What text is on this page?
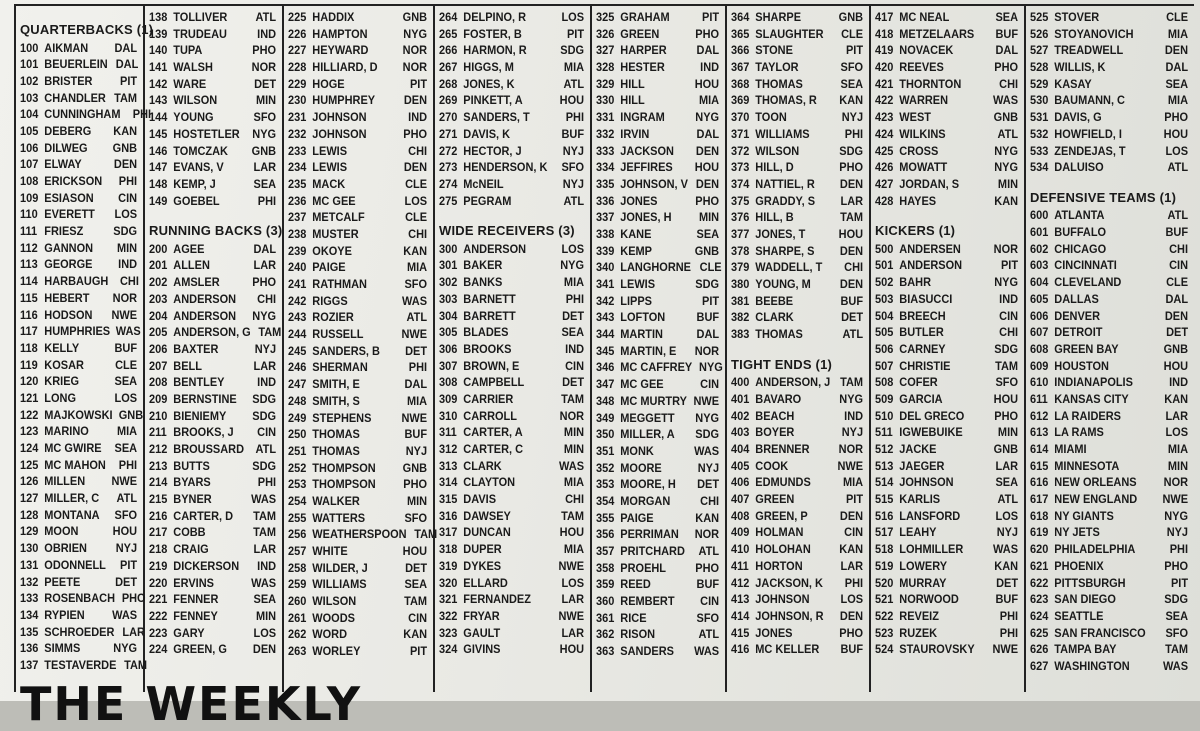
QUARTERBACKS (1)
100 AIKMAN	DAL
101 BEUERLEIN DAL
102 BRISTER	PIT
103 CHANDLER TAM
104 CUNNINGHAM	PHI
105 DEBERG	KAN
106 DILWEG	GNB
107 ELWAY	DEN
108 ERICKSON	PHI
109 ESIASON	CIN
110 EVERETT	LOS
111 FRIESZ	SDG
112 GANNON	MIN
113 GEORGE	IND
114 HARBAUGH CHI
115 HEBERT	NOR
116 HODSON	NWE
117 HUMPHRIES WAS
118 KELLY	BUF
119 KOSAR	CLE
120 KRIEG	SEA
121 LONG	LOS
122 MAJKOWSKI GNB
123 MARINO	MIA
124 MC GWIRE	SEA
125 MC MAHON	PHI
126 MILLEN	NWE
127 MILLER, C	ATL
128 MONTANA	SFO
129 MOON	HOU
130 OBRIEN	NYJ
131 ODONNELL	PIT
132 PEETE	DET
133 ROSENBACH PHO
134 RYPIEN	WAS
135 SCHROEDER LAR
136 SIMMS	NYG
137 TESTAVERDE TAM
138 TOLLIVER	ATL
139 TRUDEAU	IND
140 TUPA	PHO
141 WALSH	NOR
142 WARE	DET
143 WILSON	MIN
144 YOUNG	SFO
145 HOSTETLER	NYG
146 TOMCZAK	GNB
147 EVANS, V	LAR
148 KEMP, J	SEA
149 GOEBEL	PHI
RUNNING BACKS (3)
200 AGEE	DAL
201 ALLEN	LAR
202 AMSLER	PHO
203 ANDERSON	CHI
204 ANDERSON	NYG
205 ANDERSON, G TAM
206 BAXTER	NYJ
207 BELL	LAR
208 BENTLEY	IND
209 BERNSTINE	SDG
210 BIENIEMY	SDG
211 BROOKS, J	CIN
212 BROUSSARD ATL
213 BUTTS	SDG
214 BYARS	PHI
215 BYNER	WAS
216 CARTER, D	TAM
217 COBB	TAM
218 CRAIG	LAR
219 DICKERSON	IND
220 ERVINS	WAS
221 FENNER	SEA
222 FENNEY	MIN
223 GARY	LOS
224 GREEN, G	DEN
225 HADDIX	GNB
226 HAMPTON	NYG
227 HEYWARD	NOR
228 HILLIARD, D	NOR
229 HOGE	PIT
230 HUMPHREY	DEN
231 JOHNSON	IND
232 JOHNSON	PHO
233 LEWIS	CHI
234 LEWIS	DEN
235 MACK	CLE
236 MC GEE	LOS
237 METCALF	CLE
238 MUSTER	CHI
239 OKOYE	KAN
240 PAIGE	MIA
241 RATHMAN	SFO
242 RIGGS	WAS
243 ROZIER	ATL
244 RUSSELL	NWE
245 SANDERS, B	DET
246 SHERMAN	PHI
247 SMITH, E	DAL
248 SMITH, S	MIA
249 STEPHENS	NWE
250 THOMAS	BUF
251 THOMAS	NYJ
252 THOMPSON	GNB
253 THOMPSON	PHO
254 WALKER	MIN
255 WATTERS	SFO
256 WEATHERSPOON TAM
257 WHITE	HOU
258 WILDER, J	DET
259 WILLIAMS	SEA
260 WILSON	TAM
261 WOODS	CIN
262 WORD	KAN
263 WORLEY	PIT
264 DELPINO, R	LOS
265 FOSTER, B	PIT
266 HARMON, R	SDG
267 HIGGS, M	MIA
268 JONES, K	ATL
269 PINKETT, A	HOU
270 SANDERS, T	PHI
271 DAVIS, K	BUF
272 HECTOR, J	NYJ
273 HENDERSON, K	SFO
274 McNEIL	NYJ
275 PEGRAM	ATL
WIDE RECEIVERS (3)
300 ANDERSON	LOS
301 BAKER	NYG
302 BANKS	MIA
303 BARNETT	PHI
304 BARRETT	DET
305 BLADES	SEA
306 BROOKS	IND
307 BROWN, E	CIN
308 CAMPBELL	DET
309 CARRIER	TAM
310 CARROLL	NOR
311 CARTER, A	MIN
312 CARTER, C	MIN
313 CLARK	WAS
314 CLAYTON	MIA
315 DAVIS	CHI
316 DAWSEY	TAM
317 DUNCAN	HOU
318 DUPER	MIA
319 DYKES	NWE
320 ELLARD	LOS
321 FERNANDEZ	LAR
322 FRYAR	NWE
323 GAULT	LAR
324 GIVINS	HOU
325 GRAHAM	PIT
326 GREEN	PHO
327 HARPER	DAL
328 HESTER	IND
329 HILL	HOU
330 HILL	MIA
331 INGRAM	NYG
332 IRVIN	DAL
333 JACKSON	DEN
334 JEFFIRES	HOU
335 JOHNSON, V DEN
336 JONES	PHO
337 JONES, H	MIN
338 KANE	SEA
339 KEMP	GNB
340 LANGHORNE CLE
341 LEWIS	SDG
342 LIPPS	PIT
343 LOFTON	BUF
344 MARTIN	DAL
345 MARTIN, E	NOR
346 MC CAFFREY NYG
347 MC GEE	CIN
348 MC MURTRY NWE
349 MEGGETT	NYG
350 MILLER, A	SDG
351 MONK	WAS
352 MOORE	NYJ
353 MOORE, H	DET
354 MORGAN	CHI
355 PAIGE	KAN
356 PERRIMAN	NOR
357 PRITCHARD	ATL
358 PROEHL	PHO
359 REED	BUF
360 REMBERT	CIN
361 RICE	SFO
362 RISON	ATL
363 SANDERS	WAS
364 SHARPE	GNB
365 SLAUGHTER	CLE
366 STONE	PIT
367 TAYLOR	SFO
368 THOMAS	SEA
369 THOMAS, R	KAN
370 TOON	NYJ
371 WILLIAMS	PHI
372 WILSON	SDG
373 HILL, D	PHO
374 NATTIEL, R	DEN
375 GRADDY, S	LAR
376 HILL, B	TAM
377 JONES, T	HOU
378 SHARPE, S	DEN
379 WADDELL, T	CHI
380 YOUNG, M	DEN
381 BEEBE	BUF
382 CLARK	DET
383 THOMAS	ATL
TIGHT ENDS (1)
400 ANDERSON, J TAM
401 BAVARO	NYG
402 BEACH	IND
403 BOYER	NYJ
404 BRENNER	NOR
405 COOK	NWE
406 EDMUNDS	MIA
407 GREEN	PIT
408 GREEN, P	DEN
409 HOLMAN	CIN
410 HOLOHAN	KAN
411 HORTON	LAR
412 JACKSON, K	PHI
413 JOHNSON	LOS
414 JOHNSON, R	DEN
415 JONES	PHO
416 MC KELLER	BUF
417 MC NEAL	SEA
418 METZELAARS	BUF
419 NOVACEK	DAL
420 REEVES	PHO
421 THORNTON	CHI
422 WARREN	WAS
423 WEST	GNB
424 WILKINS	ATL
425 CROSS	NYG
426 MOWATT	NYG
427 JORDAN, S	MIN
428 HAYES	KAN
KICKERS (1)
500 ANDERSEN	NOR
501 ANDERSON	PIT
502 BAHR	NYG
503 BIASUCCI	IND
504 BREECH	CIN
505 BUTLER	CHI
506 CARNEY	SDG
507 CHRISTIE	TAM
508 COFER	SFO
509 GARCIA	HOU
510 DEL GRECO	PHO
511 IGWEBUIKE	MIN
512 JACKE	GNB
513 JAEGER	LAR
514 JOHNSON	SEA
515 KARLIS	ATL
516 LANSFORD	LOS
517 LEAHY	NYJ
518 LOHMILLER	WAS
519 LOWERY	KAN
520 MURRAY	DET
521 NORWOOD	BUF
522 REVEIZ	PHI
523 RUZEK	PHI
524 STAUROVSKY	NWE
525 STOVER	CLE
526 STOYANOVICH	MIA
527 TREADWELL	DEN
528 WILLIS, K	DAL
529 KASAY	SEA
530 BAUMANN, C	MIA
531 DAVIS, G	PHO
532 HOWFIELD, I	HOU
533 ZENDEJAS, T	LOS
534 DALUISO	ATL
DEFENSIVE TEAMS (1)
600 ATLANTA	ATL
601 BUFFALO	BUF
602 CHICAGO	CHI
603 CINCINNATI	CIN
604 CLEVELAND	CLE
605 DALLAS	DAL
606 DENVER	DEN
607 DETROIT	DET
608 GREEN BAY	GNB
609 HOUSTON	HOU
610 INDIANAPOLIS	IND
611 KANSAS CITY	KAN
612 LA RAIDERS	LAR
613 LA RAMS	LOS
614 MIAMI	MIA
615 MINNESOTA	MIN
616 NEW ORLEANS	NOR
617 NEW ENGLAND	NWE
618 NY GIANTS	NYG
619 NY JETS	NYJ
620 PHILADELPHIA	PHI
621 PHOENIX	PHO
622 PITTSBURGH	PIT
623 SAN DIEGO	SDG
624 SEATTLE	SEA
625 SAN FRANCISCO	SFO
626 TAMPA BAY	TAM
627 WASHINGTON	WAS
THE WEEKLY
